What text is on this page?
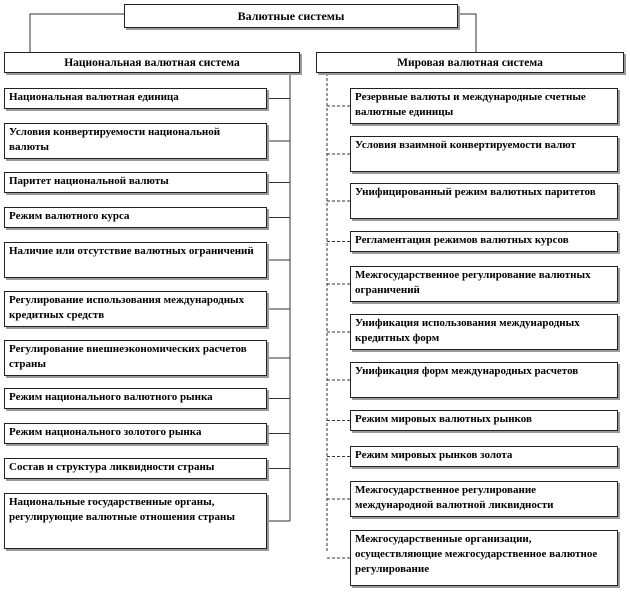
Валютные системы
Национальная валютная система	Мировая валютная система
Национальная валютная единица
Условия конвертируемости национальной валюты
Паритет национальной валюты
Режим валютного курса
Наличие или отсутствие валютных ограничений
Регулирование использования международных кредитных средств
Регулирование внешнеэкономических расчетов страны
Режим национального валютного рынка
Режим национального золотого рынка
Состав и структура ликвидности страны
Национальные государственные органы, регулирующие валютные отношения страны
Резервные валюты и международные счетные валютные единицы
Условия взаимной конвертируемости валют
Унифицированный режим валютных паритетов
Регламентация режимов валютных курсов
Межгосударственное регулирование валютных ограничений
Унификация использования международных кредитных форм
Унификация форм международных расчетов
Режим мировых валютных рынков
Режим мировых рынков золота
Межгосударственное регулирование международной валютной ликвидности
Межгосударственные организации, осуществляющие межгосударственное валютное регулирование
